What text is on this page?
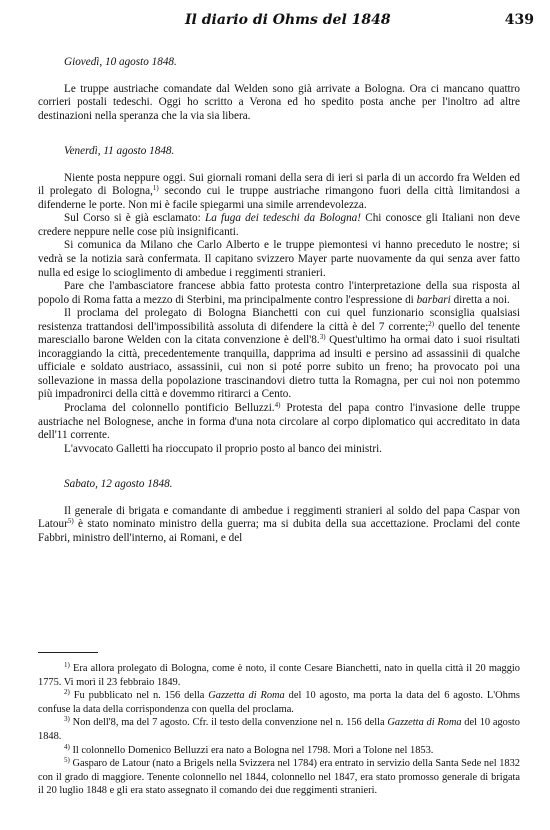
Il diario di Ohms del 1848	439
Giovedì, 10 agosto 1848.

Le truppe austriache comandate dal Welden sono già arrivate a Bologna. Ora ci mancano quattro corrieri postali tedeschi. Oggi ho scritto a Verona ed ho spedito posta anche per l'inoltro ad altre destinazioni nella speranza che la via sia libera.

Venerdì, 11 agosto 1848.

Niente posta neppure oggi. Sui giornali romani della sera di ieri si parla di un accordo fra Welden ed il prolegato di Bologna,$^{1)}$ secondo cui le truppe austriache rimangono fuori della città limitandosi a difenderne le porte. Non mi è facile spiegarmi una simile arrendevolezza.

Sul Corso si è già esclamato: La fuga dei tedeschi da Bologna! Chi conosce gli Italiani non deve credere neppure nelle cose più insignificanti.

Si comunica da Milano che Carlo Alberto e le truppe piemontesi vi hanno preceduto le nostre; si vedrà se la notizia sarà confermata. Il capitano svizzero Mayer parte nuovamente da qui senza aver fatto nulla ed esige lo scioglimento di ambedue i reggimenti stranieri.

Pare che l'ambasciatore francese abbia fatto protesta contro l'interpretazione della sua risposta al popolo di Roma fatta a mezzo di Sterbini, ma principalmente contro l'espressione di barbari diretta a noi.

Il proclama del prolegato di Bologna Bianchetti con cui quel funzionario sconsiglia qualsiasi resistenza trattandosi dell'impossibilità assoluta di difendere la città è del 7 corrente;$^{2)}$ quello del tenente maresciallo barone Welden con la citata convenzione è dell'8.$^{3)}$ Quest'ultimo ha ormai dato i suoi risultati incoraggiando la città, precedentemente tranquilla, dapprima ad insulti e persino ad assassinii di qualche ufficiale e soldato austriaco, assassinii, cui non si poté porre subito un freno; ha provocato poi una sollevazione in massa della popolazione trascinandovi dietro tutta la Romagna, per cui noi non potemmo più impadronirci della città e dovemmo ritirarci a Cento.

Proclama del colonnello pontificio Belluzzi.$^{4)}$ Protesta del papa contro l'invasione delle truppe austriache nel Bolognese, anche in forma d'una nota circolare al corpo diplomatico qui accreditato in data dell'11 corrente.

L'avvocato Galletti ha rioccupato il proprio posto al banco dei ministri.

Sabato, 12 agosto 1848.

Il generale di brigata e comandante di ambedue i reggimenti stranieri al soldo del papa Caspar von Latour$^{5)}$ è stato nominato ministro della guerra; ma si dubita della sua accettazione. Proclami del conte Fabbri, ministro dell'interno, ai Romani, e del

$^{1)}$ Era allora prolegato di Bologna, come è noto, il conte Cesare Bianchetti, nato in quella città il 20 maggio 1775. Vi morì il 23 febbraio 1849.

$^{2)}$ Fu pubblicato nel n. 156 della Gazzetta di Roma del 10 agosto, ma porta la data del 6 agosto. L'Ohms confuse la data della corrispondenza con quella del proclama.

$^{3)}$ Non dell'8, ma del 7 agosto. Cfr. il testo della convenzione nel n. 156 della Gazzetta di Roma del 10 agosto 1848.

$^{4)}$ Il colonnello Domenico Belluzzi era nato a Bologna nel 1798. Morì a Tolone nel 1853.

$^{5)}$ Gasparo de Latour (nato a Brigels nella Svizzera nel 1784) era entrato in servizio della Santa Sede nel 1832 con il grado di maggiore. Tenente colonnello nel 1844, colonnello nel 1847, era stato promosso generale di brigata il 20 luglio 1848 e gli era stato assegnato il comando dei due reggimenti stranieri.
